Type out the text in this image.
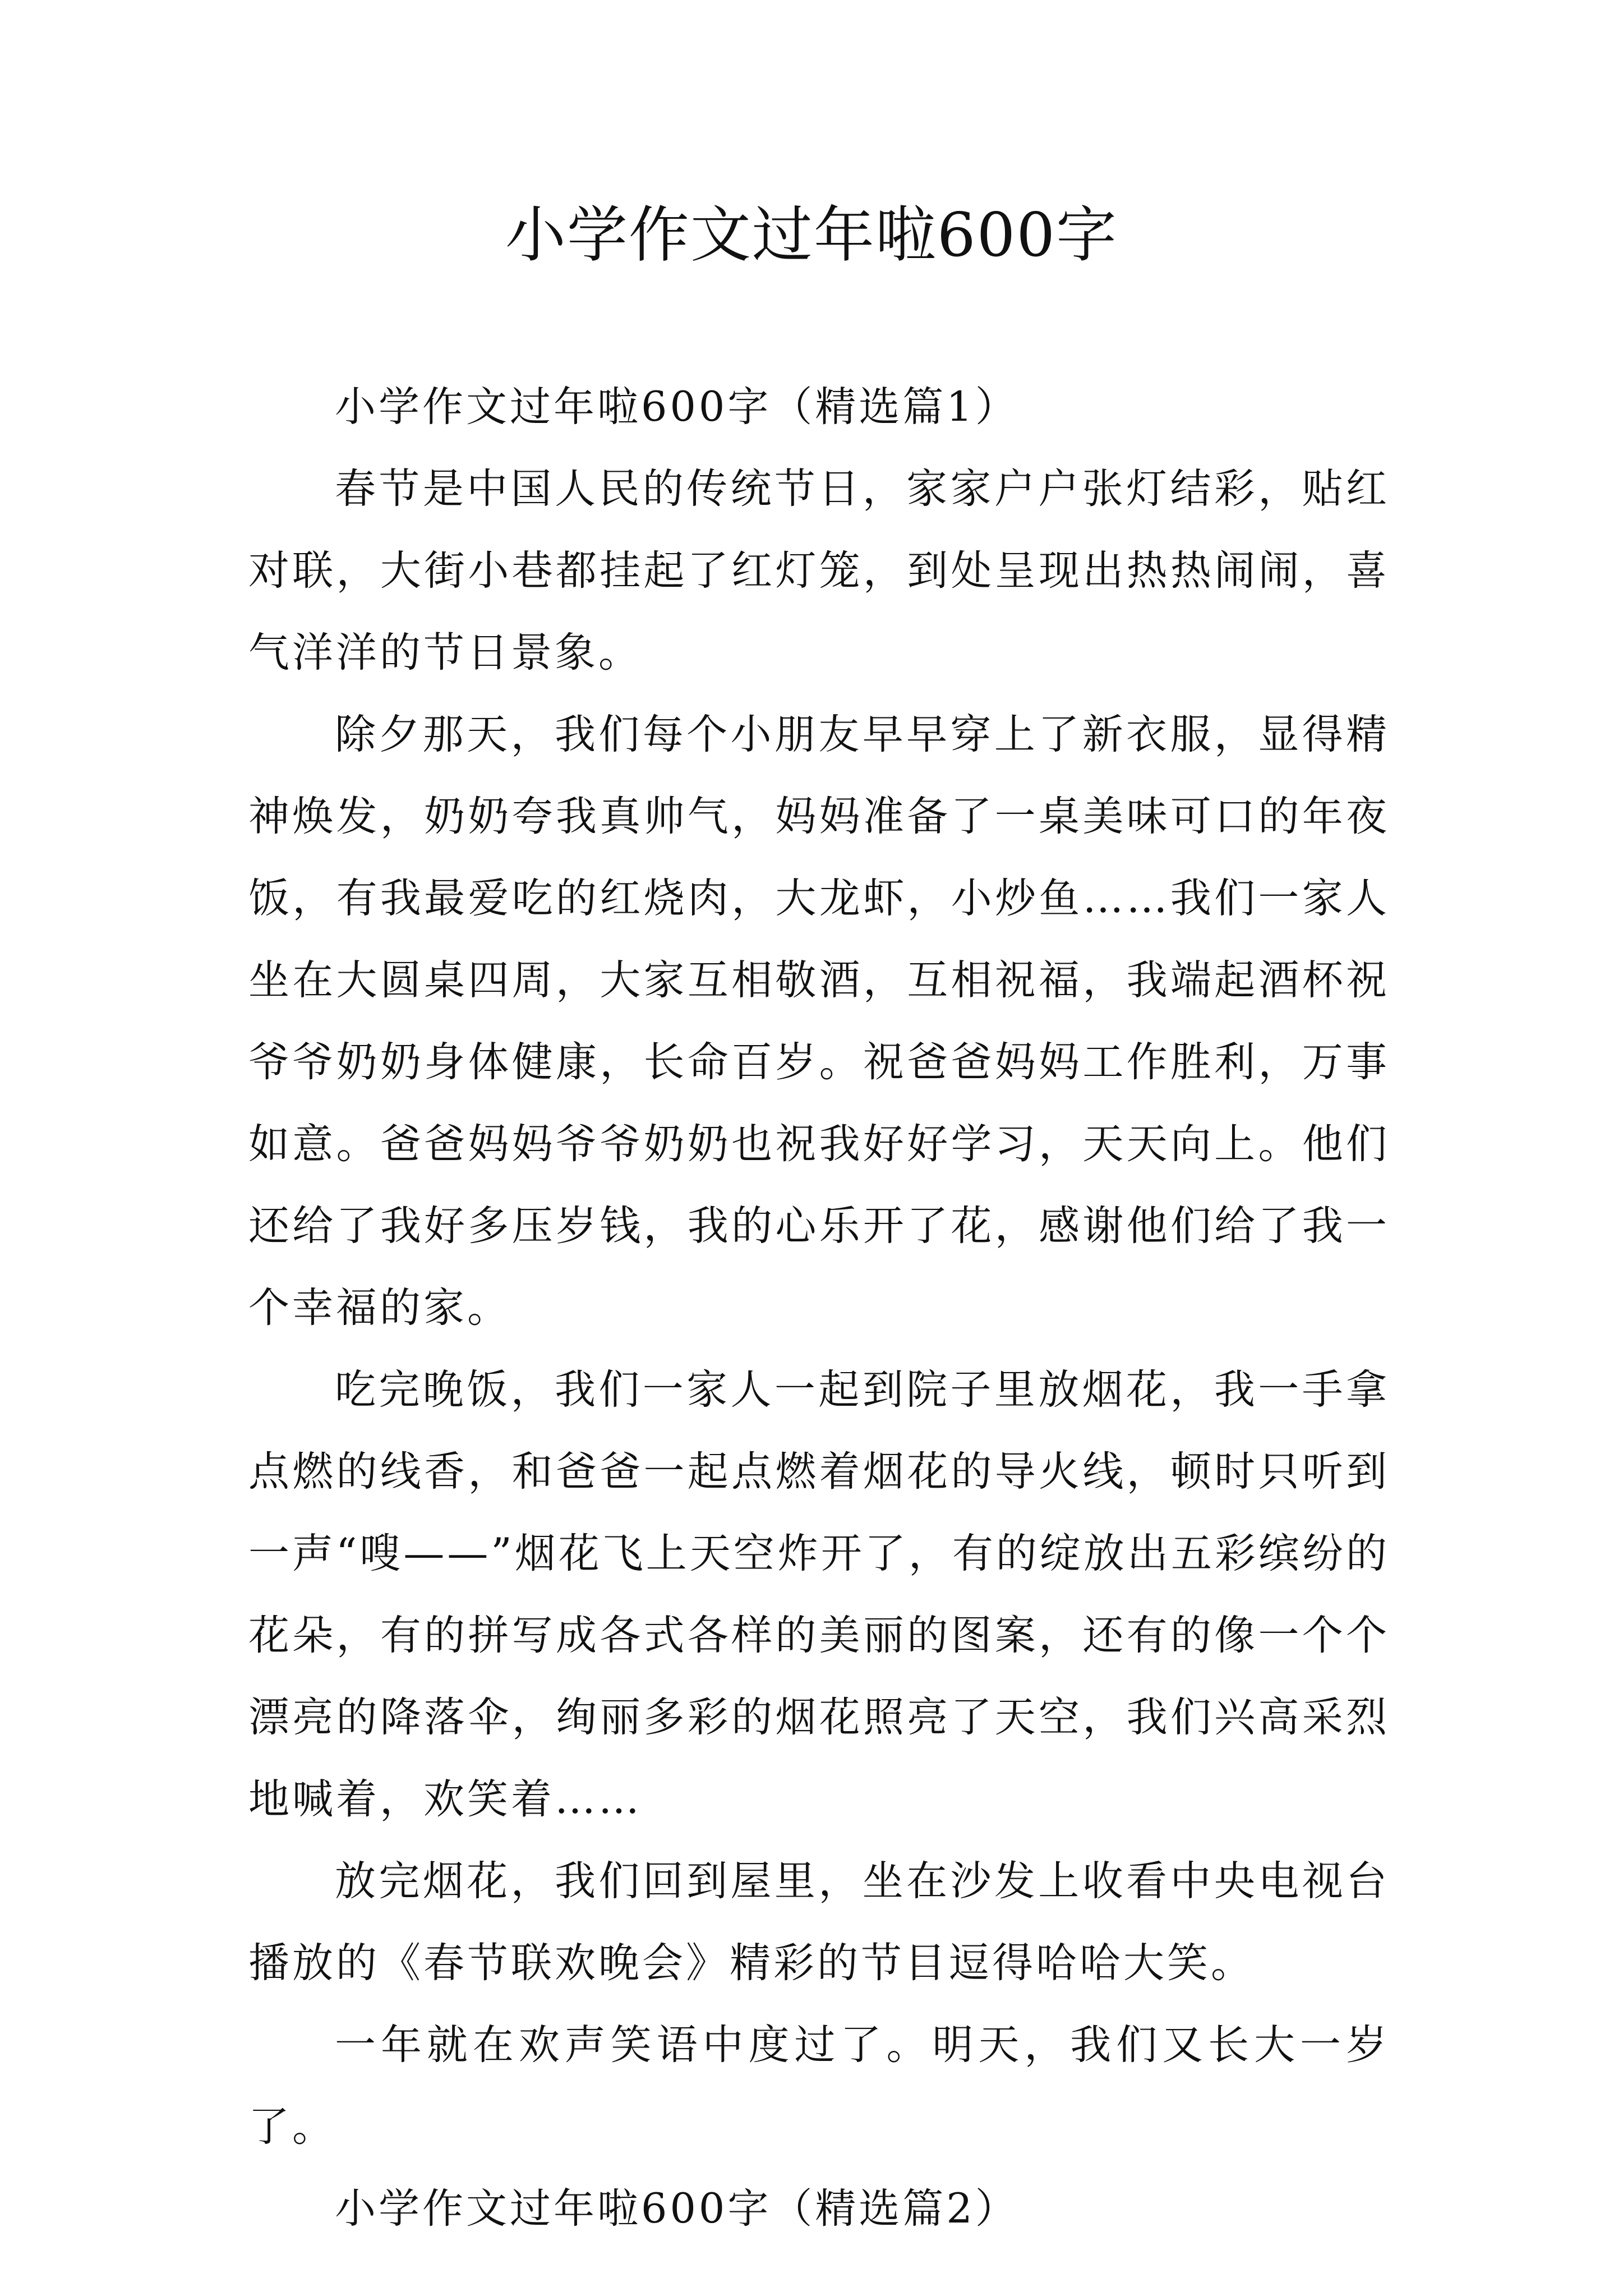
小学作文过年啦600字

小学作文过年啦600字（精选篇1）

春节是中国人民的传统节日，家家户户张灯结彩，贴红对联，大街小巷都挂起了红灯笼，到处呈现出热热闹闹，喜气洋洋的节日景象。

除夕那天，我们每个小朋友早早穿上了新衣服，显得精神焕发，奶奶夸我真帅气，妈妈准备了一桌美味可口的年夜饭，有我最爱吃的红烧肉，大龙虾，小炒鱼……我们一家人坐在大圆桌四周，大家互相敬酒，互相祝福，我端起酒杯祝爷爷奶奶身体健康，长命百岁。祝爸爸妈妈工作胜利，万事如意。爸爸妈妈爷爷奶奶也祝我好好学习，天天向上。他们还给了我好多压岁钱，我的心乐开了花，感谢他们给了我一个幸福的家。

吃完晚饭，我们一家人一起到院子里放烟花，我一手拿点燃的线香，和爸爸一起点燃着烟花的导火线，顿时只听到一声“嗖——”烟花飞上天空炸开了，有的绽放出五彩缤纷的花朵，有的拼写成各式各样的美丽的图案，还有的像一个个漂亮的降落伞，绚丽多彩的烟花照亮了天空，我们兴高采烈地喊着，欢笑着……

放完烟花，我们回到屋里，坐在沙发上收看中央电视台播放的《春节联欢晚会》精彩的节目逗得哈哈大笑。

一年就在欢声笑语中度过了。明天，我们又长大一岁了。

小学作文过年啦600字（精选篇2）
